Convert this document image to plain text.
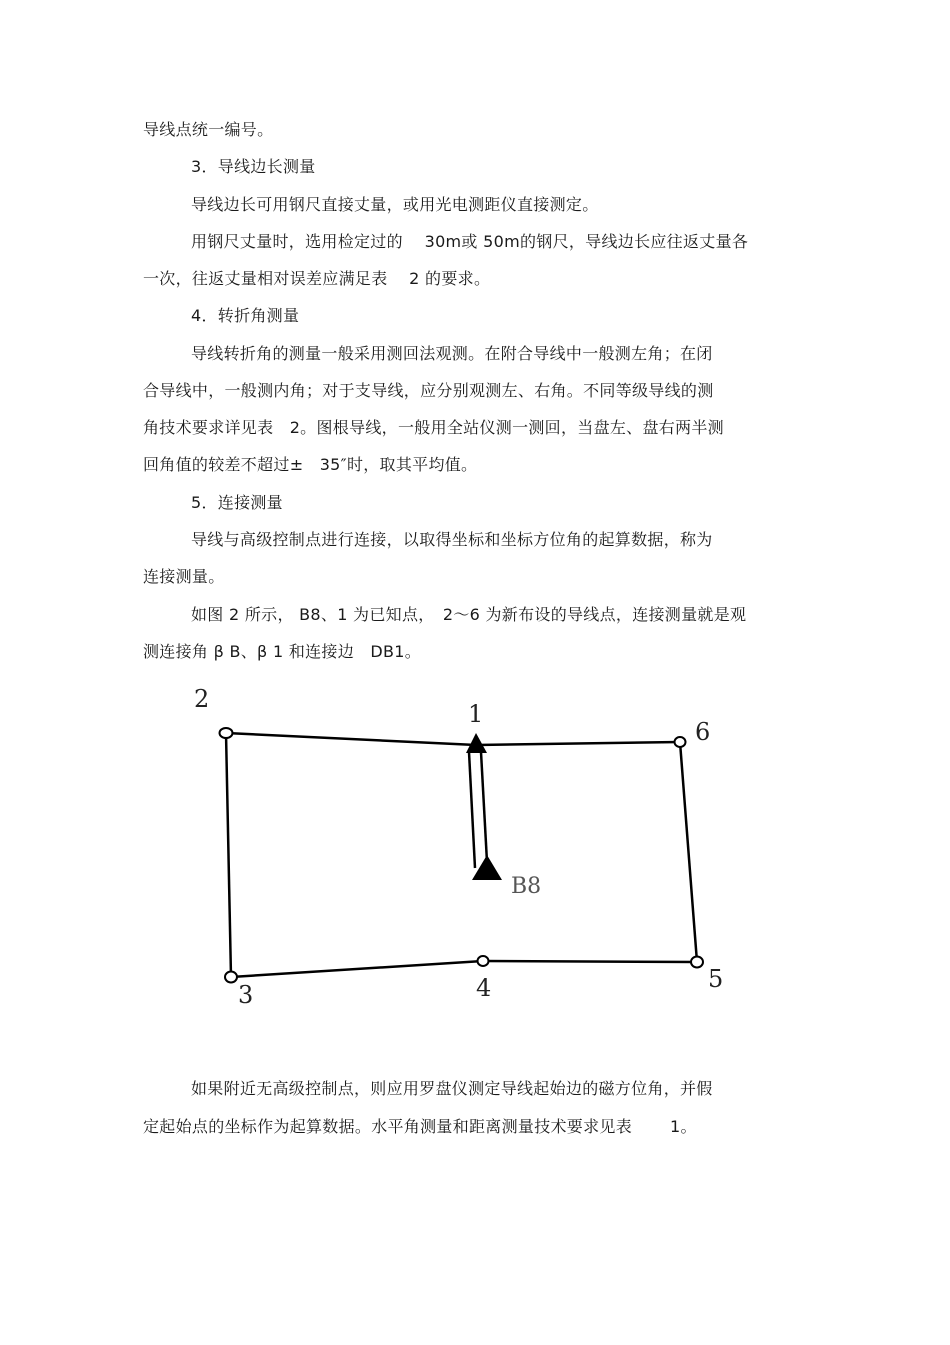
导线点统一编号。
3．导线边长测量
导线边长可用钢尺直接丈量，或用光电测距仪直接测定。
用钢尺丈量时，选用检定过的　 30m或 50m的钢尺，导线边长应往返丈量各
一次，往返丈量相对误差应满足表　 2 的要求。
4．转折角测量
导线转折角的测量一般采用测回法观测。在附合导线中一般测左角；在闭
合导线中，一般测内角；对于支导线，应分别观测左、右角。不同等级导线的测
角技术要求详见表　2。图根导线，一般用全站仪测一测回，当盘左、盘右两半测
回角值的较差不超过±　35″时，取其平均值。
5．连接测量
导线与高级控制点进行连接，以取得坐标和坐标方位角的起算数据，称为
连接测量。
如图 2 所示， B8、1 为已知点，　2～6 为新布设的导线点，连接测量就是观
测连接角 β B、β 1 和连接边　DB1。
2
1
6
5
4
3
B8
如果附近无高级控制点，则应用罗盘仪测定导线起始边的磁方位角，并假
定起始点的坐标作为起算数据。水平角测量和距离测量技术要求见表　　 1。
